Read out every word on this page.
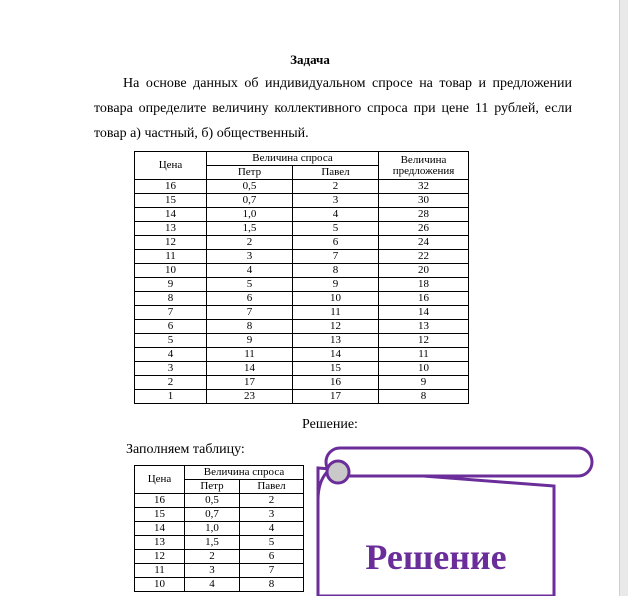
Задача
На основе данных об индивидуальном спросе на товар и предложении товара определите величину коллективного спроса при цене 11 рублей, если товар а) частный, б) общественный.
Цена	Величина спроса		Величина предложения
	Петр	Павел	
16	0,5	2	32
15	0,7	3	30
14	1,0	4	28
13	1,5	5	26
12	2	6	24
11	3	7	22
10	4	8	20
9	5	9	18
8	6	10	16
7	7	11	14
6	8	12	13
5	9	13	12
4	11	14	11
3	14	15	10
2	17	16	9
1	23	17	8
Решение:
Заполняем таблицу:
Цена	Величина спроса	
	Петр	Павел
16	0,5	2
15	0,7	3
14	1,0	4
13	1,5	5
12	2	6
11	3	7
10	4	8
Решение
